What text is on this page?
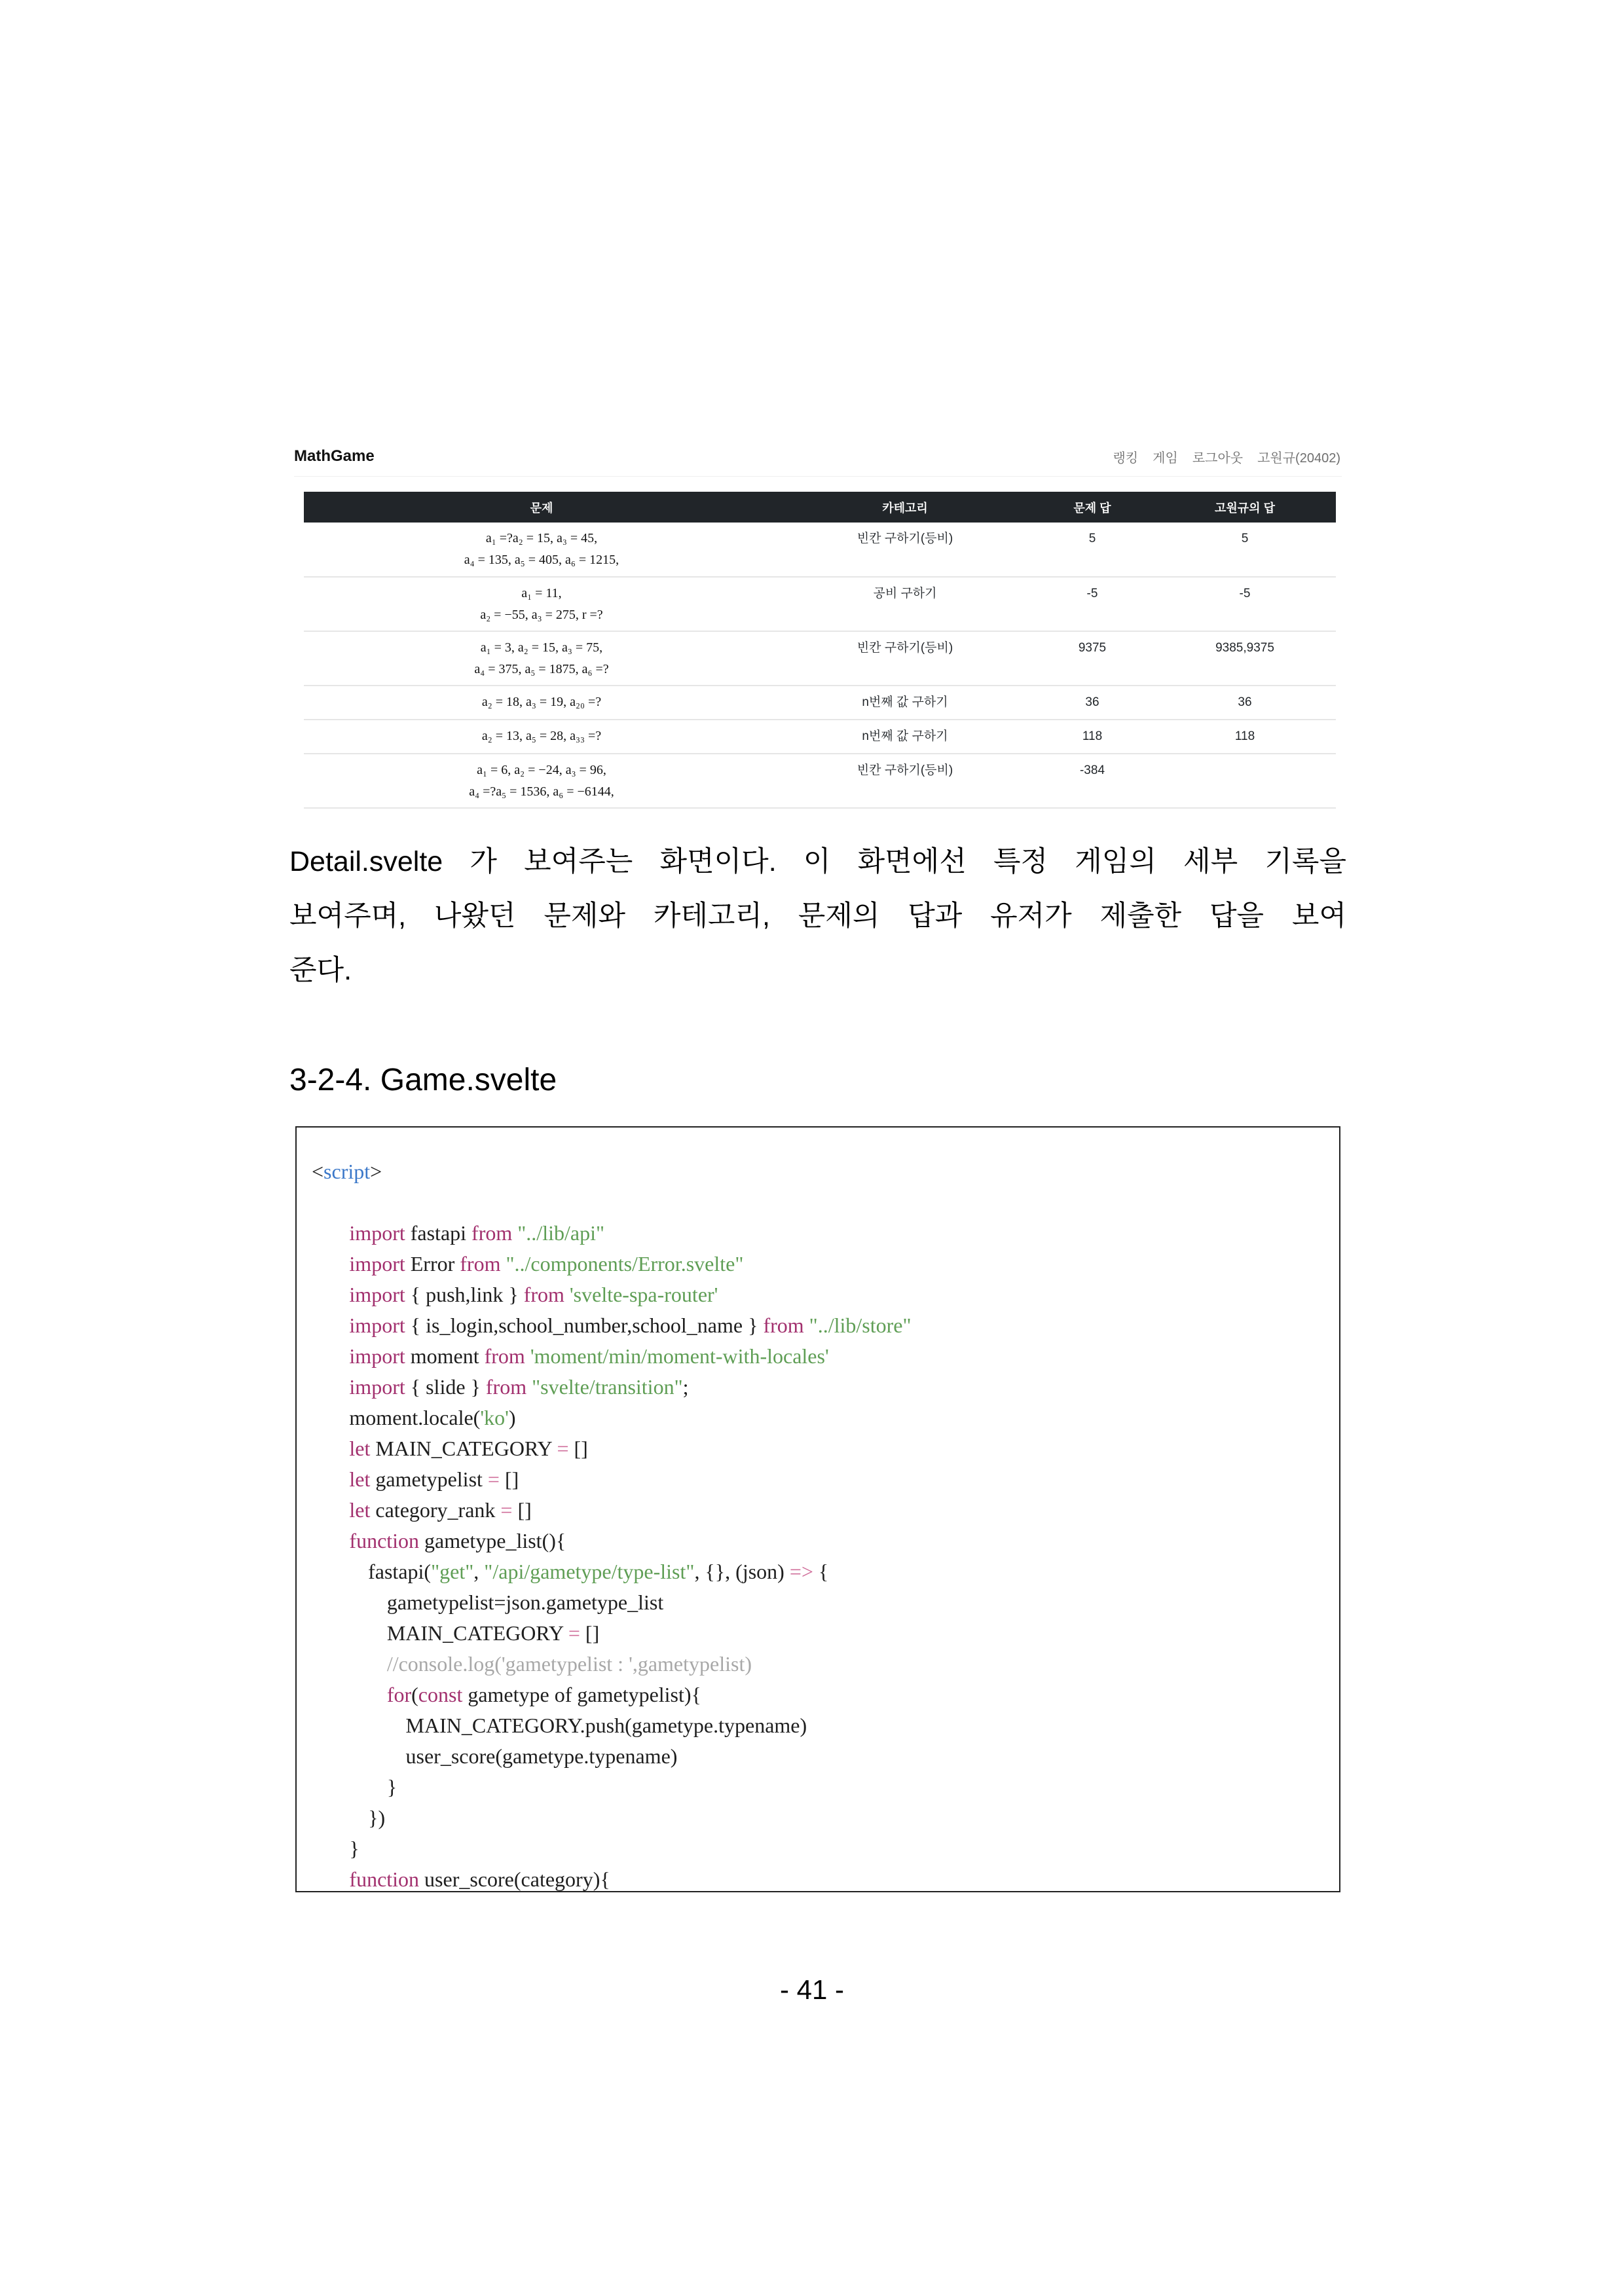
MathGame	랭킹 게임 로그아웃 고원규(20402)
문제	카테고리	문제 답	고원규의 답

a₁ =?a₂ = 15, a₃ = 45,
a₄ = 135, a₅ = 405, a₆ = 1215,	빈칸 구하기(등비)	5	5

a₁ = 11,
a₂ = −55, a₃ = 275, r =?	공비 구하기	-5	-5

a₁ = 3, a₂ = 15, a₃ = 75,
a₄ = 375, a₅ = 1875, a₆ =?	빈칸 구하기(등비)	9375	9385,9375

a₂ = 18, a₃ = 19, a₂₀ =?	n번째 값 구하기	36	36

a₂ = 13, a₅ = 28, a₃₃ =?	n번째 값 구하기	118	118

a₁ = 6, a₂ = −24, a₃ = 96,
a₄ =?a₅ = 1536, a₆ = −6144,	빈칸 구하기(등비)	-384	
Detail.svelte 가 보여주는 화면이다. 이 화면에선 특정 게임의 세부 기록을
보여주며, 나왔던 문제와 카테고리, 문제의 답과 유저가 제출한 답을 보여
준다.
3-2-4. Game.svelte
<script>
		import fastapi from "../lib/api"
		import Error from "../components/Error.svelte"
		import { push,link } from 'svelte-spa-router'
		import { is_login,school_number,school_name } from "../lib/store"
		import moment from 'moment/min/moment-with-locales'
		import { slide } from "svelte/transition";
		moment.locale('ko')
		let MAIN_CATEGORY = []
		let gametypelist = []
		let category_rank = []
		function gametype_list(){
			fastapi("get", "/api/gametype/type-list", {}, (json) => {
				gametypelist=json.gametype_list
				MAIN_CATEGORY = []
				//console.log('gametypelist : ',gametypelist)
				for(const gametype of gametypelist){
					MAIN_CATEGORY.push(gametype.typename)
					user_score(gametype.typename)
				}
			})
		}
		function user_score(category){
- 41 -
